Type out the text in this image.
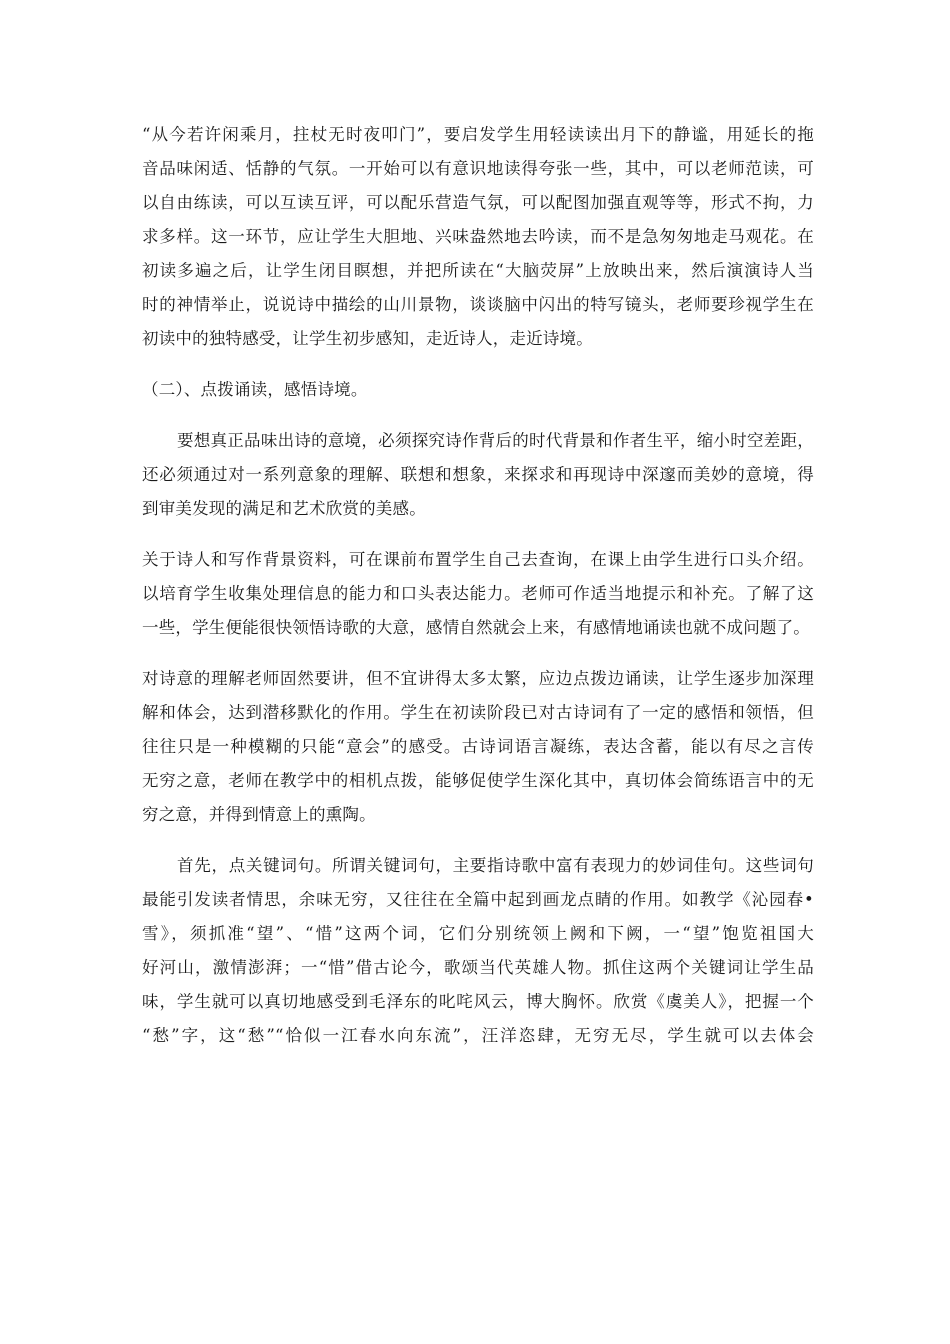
“从今若许闲乘月，拄杖无时夜叩门”，要启发学生用轻读读出月下的静谧，用延长的拖
音品味闲适、恬静的气氛。一开始可以有意识地读得夸张一些，其中，可以老师范读，可
以自由练读，可以互读互评，可以配乐营造气氛，可以配图加强直观等等，形式不拘，力
求多样。这一环节，应让学生大胆地、兴味盎然地去吟读，而不是急匆匆地走马观花。在
初读多遍之后，让学生闭目瞑想，并把所读在“大脑荧屏”上放映出来，然后演演诗人当
时的神情举止，说说诗中描绘的山川景物，谈谈脑中闪出的特写镜头，老师要珍视学生在
初读中的独特感受，让学生初步感知，走近诗人，走近诗境。
（二）、点拨诵读，感悟诗境。
要想真正品味出诗的意境，必须探究诗作背后的时代背景和作者生平，缩小时空差距，
还必须通过对一系列意象的理解、联想和想象，来探求和再现诗中深邃而美妙的意境，得
到审美发现的满足和艺术欣赏的美感。
关于诗人和写作背景资料，可在课前布置学生自己去查询，在课上由学生进行口头介绍。
以培育学生收集处理信息的能力和口头表达能力。老师可作适当地提示和补充。了解了这
一些，学生便能很快领悟诗歌的大意，感情自然就会上来，有感情地诵读也就不成问题了。
对诗意的理解老师固然要讲，但不宜讲得太多太繁，应边点拨边诵读，让学生逐步加深理
解和体会，达到潜移默化的作用。学生在初读阶段已对古诗词有了一定的感悟和领悟，但
往往只是一种模糊的只能“意会”的感受。古诗词语言凝练，表达含蓄，能以有尽之言传
无穷之意，老师在教学中的相机点拨，能够促使学生深化其中，真切体会简练语言中的无
穷之意，并得到情意上的熏陶。
首先，点关键词句。所谓关键词句，主要指诗歌中富有表现力的妙词佳句。这些词句
最能引发读者情思，余味无穷，又往往在全篇中起到画龙点睛的作用。如教学《沁园春•
雪》，须抓准“望”、“惜”这两个词，它们分别统领上阙和下阙，一“望”饱览祖国大
好河山，激情澎湃；一“惜”借古论今，歌颂当代英雄人物。抓住这两个关键词让学生品
味，学生就可以真切地感受到毛泽东的叱咤风云，博大胸怀。欣赏《虞美人》，把握一个
“愁”字，这“愁”“恰似一江春水向东流”，汪洋恣肆，无穷无尽，学生就可以去体会
